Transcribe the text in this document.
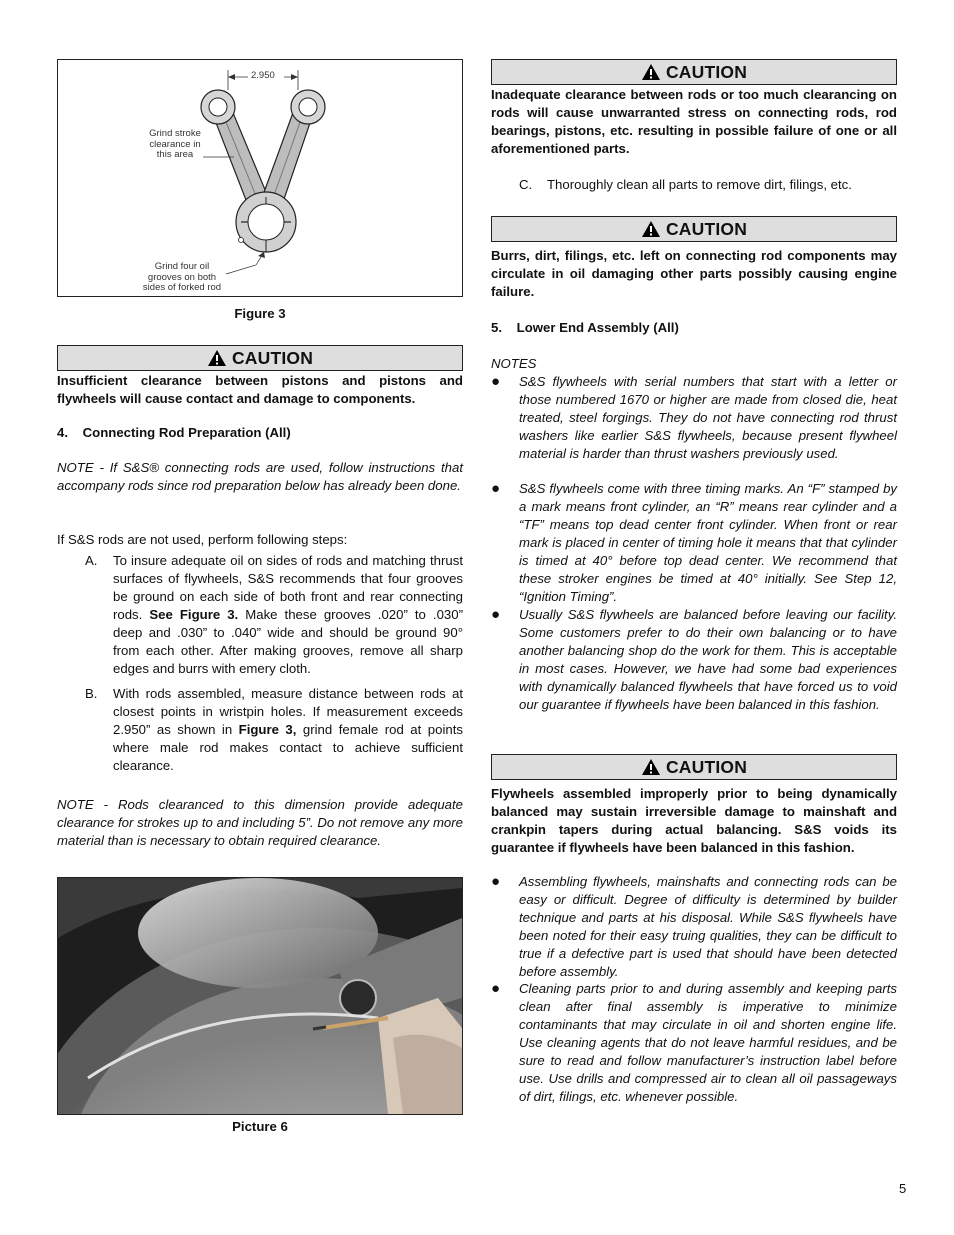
2.950
Grind stroke
clearance in
this area
Grind four oil
grooves on both
sides of forked rod
Figure 3
CAUTION
Insufficient clearance between pistons and pistons and flywheels will cause contact and damage to components.

4.    Connecting Rod Preparation (All)

NOTE - If S&S® connecting rods are used, follow instructions that accompany rods since rod preparation below has already been done.

If S&S rods are not used, perform following steps:

A. To insure adequate oil on sides of rods and matching thrust surfaces of flywheels, S&S recommends that four grooves be ground on each side of both front and rear connecting rods. See Figure 3. Make these grooves .020” to .030” deep and .030” to .040” wide and should be ground 90° from each other. After making grooves, remove all sharp edges and burrs with emery cloth.

B. With rods assembled, measure distance between rods at closest points in wristpin holes. If measurement exceeds 2.950” as shown in Figure 3, grind female rod at points where male rod makes contact to achieve sufficient clearance.

NOTE - Rods clearanced to this dimension provide adequate clearance for strokes up to and including 5”. Do not remove any more material than is necessary to obtain required clearance.

Picture 6
CAUTION
Inadequate clearance between rods or too much clearancing on rods will cause unwarranted stress on connecting rods, rod bearings, pistons, etc. resulting in possible failure of one or all aforementioned parts.
C. Thoroughly clean all parts to remove dirt, filings, etc.

CAUTION
Burrs, dirt, filings, etc. left on connecting rod components may circulate in oil damaging other parts possibly causing engine failure.

5.    Lower End Assembly (All)

NOTES

● S&S flywheels with serial numbers that start with a letter or those numbered 1670 or higher are made from closed die, heat treated, steel forgings. They do not have connecting rod thrust washers like earlier S&S flywheels, because present flywheel material is harder than thrust washers previously used.

● S&S flywheels come with three timing marks. An “F” stamped by a mark means front cylinder, an “R” means rear cylinder and a “TF” means top dead center front cylinder. When front or rear mark is placed in center of timing hole it means that that cylinder is timed at 40° before top dead center. We recommend that these stroker engines be timed at 40° initially. See Step 12, “Ignition Timing”.

● Usually S&S flywheels are balanced before leaving our facility. Some customers prefer to do their own balancing or to have another balancing shop do the work for them. This is acceptable in most cases. However, we have had some bad experiences with dynamically balanced flywheels that have forced us to void our guarantee if flywheels have been balanced in this fashion.

CAUTION
Flywheels assembled improperly prior to being dynamically balanced may sustain irreversible damage to mainshaft and crankpin tapers during actual balancing. S&S voids its guarantee if flywheels have been balanced in this fashion.
● Assembling flywheels, mainshafts and connecting rods can be easy or difficult. Degree of difficulty is determined by builder technique and parts at his disposal. While S&S flywheels have been noted for their easy truing qualities, they can be difficult to true if a defective part is used that should have been detected before assembly.

● Cleaning parts prior to and during assembly and keeping parts clean after final assembly is imperative to minimize contaminants that may circulate in oil and shorten engine life. Use cleaning agents that do not leave harmful residues, and be sure to read and follow manufacturer’s instruction label before use. Use drills and compressed air to clean all oil passageways of dirt, filings, etc. whenever possible.

5
